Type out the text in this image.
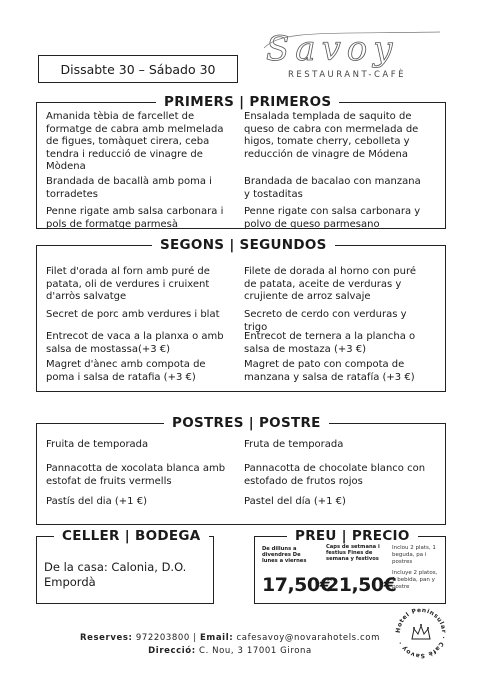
Dissabte 30 – Sábado 30 Savoy
RESTAURANT-CAFÈ
PRIMERS | PRIMEROS
Amanida tèbia de farcellet de formatge de cabra amb melmelada de figues, tomàquet cirera, ceba tendra i reducció de vinagre de Mòdena
Brandada de bacallà amb poma i torradetes
Penne rigate amb salsa carbonara i pols de formatge parmesà
Ensalada templada de saquito de queso de cabra con mermelada de higos, tomate cherry, cebolleta y reducción de vinagre de Módena
Brandada de bacalao con manzana y tostaditas
Penne rigate con salsa carbonara y polvo de queso parmesano
SEGONS | SEGUNDOS
Filet d'orada al forn amb puré de patata, oli de verdures i cruixent d'arròs salvatge
Secret de porc amb verdures i blat
Entrecot de vaca a la planxa o amb salsa de mostassa(+3 €)
Magret d'ànec amb compota de poma i salsa de ratafia (+3 €)
Filete de dorada al horno con puré de patata, aceite de verduras y crujiente de arroz salvaje
Secreto de cerdo con verduras y trigo
Entrecot de ternera a la plancha o salsa de mostaza (+3 €)
Magret de pato con compota de manzana y salsa de ratafía (+3 €)
POSTRES | POSTRE
Fruita de temporada
Pannacotta de xocolata blanca amb estofat de fruits vermells
Pastís del dia (+1 €)
Fruta de temporada
Pannacotta de chocolate blanco con estofado de frutos rojos
Pastel del día (+1 €)
CELLER | BODEGA
De la casa: Calonia, D.O. Empordà
PREU | PRECIO
De dilluns a divendres De lunes a viernes
Caps de setmana i festius Fines de semana y festivos
17,50€
21,50€
Inclou 2 plats, 1 beguda, pa i postres
Incluye 2 platos, 1 bebida, pan y postre
Reserves: 972203800 | Email: cafesavoy@novarahotels.com
Direcció: C. Nou, 3 17001 Girona
Hotel Peninsular · Cafè Savoy ·
